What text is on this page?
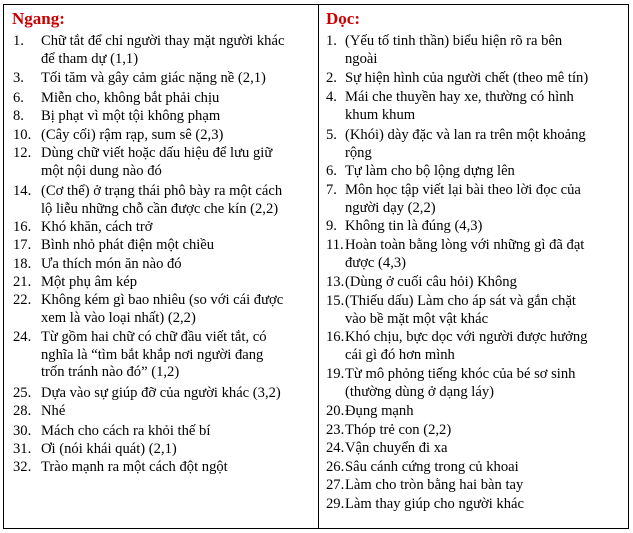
Ngang:
1. Chữ tắt để chỉ người thay mặt người khác
để tham dự (1,1)
3. Tối tăm và gây cảm giác nặng nề (2,1)
6. Miễn cho, không bắt phải chịu
8. Bị phạt vì một tội không phạm
10. (Cây cối) rậm rạp, sum sê (2,3)
12. Dùng chữ viết hoặc dấu hiệu để lưu giữ
một nội dung nào đó
14. (Cơ thể) ở trạng thái phô bày ra một cách
lộ liễu những chỗ cần được che kín (2,2)
16. Khó khăn, cách trở
17. Bình nhỏ phát điện một chiều
18. Ưa thích món ăn nào đó
21. Một phụ âm kép
22. Không kém gì bao nhiêu (so với cái được
xem là vào loại nhất) (2,2)
24. Từ gồm hai chữ có chữ đầu viết tắt, có
nghĩa là “tìm bắt khắp nơi người đang
trốn tránh nào đó” (1,2)
25. Dựa vào sự giúp đỡ của người khác (3,2)
28. Nhé
30. Mách cho cách ra khỏi thế bí
31. Ơi (nói khái quát) (2,1)
32. Trào mạnh ra một cách đột ngột
Dọc:
1. (Yếu tố tinh thần) biểu hiện rõ ra bên
ngoài
2. Sự hiện hình của người chết (theo mê tín)
4. Mái che thuyền hay xe, thường có hình
khum khum
5. (Khói) dày đặc và lan ra trên một khoảng
rộng
6. Tự làm cho bộ lộng dựng lên
7. Môn học tập viết lại bài theo lời đọc của
người dạy (2,2)
9. Không tin là đúng (4,3)
11. Hoàn toàn bằng lòng với những gì đã đạt
được (4,3)
13. (Dùng ở cuối câu hỏi) Không
15. (Thiếu dấu) Làm cho áp sát và gắn chặt
vào bề mặt một vật khác
16. Khó chịu, bực dọc với người được hưởng
cái gì đó hơn mình
19. Từ mô phỏng tiếng khóc của bé sơ sinh
(thường dùng ở dạng láy)
20. Đụng mạnh
23. Thóp trẻ con (2,2)
24. Vận chuyển đi xa
26. Sâu cánh cứng trong củ khoai
27. Làm cho tròn bằng hai bàn tay
29. Làm thay giúp cho người khác
